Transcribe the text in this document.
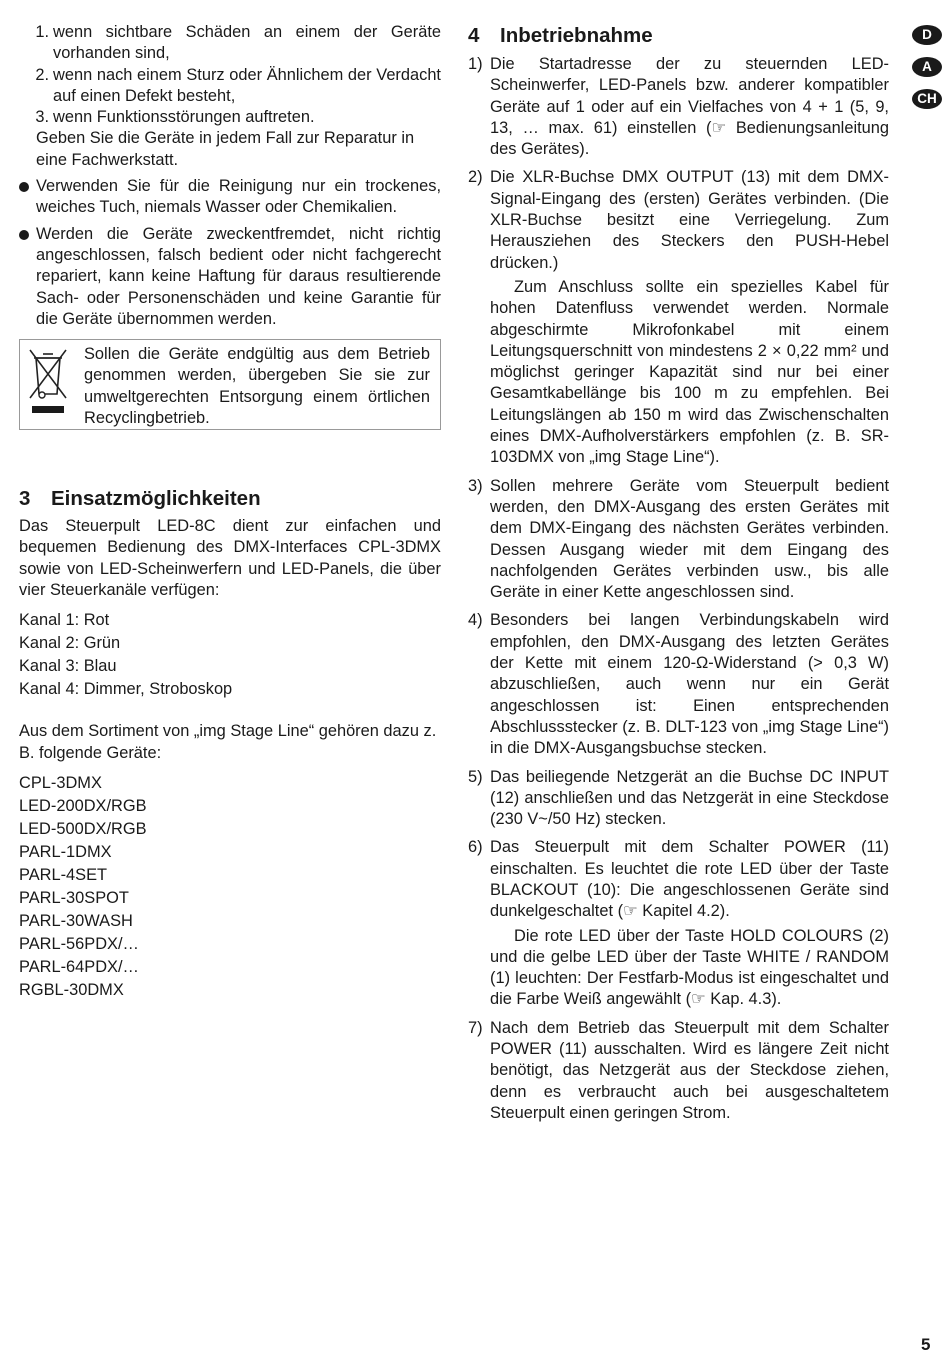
1. wenn sichtbare Schäden an einem der Geräte vorhanden sind,
2. wenn nach einem Sturz oder Ähnlichem der Verdacht auf einen Defekt besteht,
3. wenn Funktionsstörungen auftreten.

Geben Sie die Geräte in jedem Fall zur Reparatur in eine Fachwerkstatt.

Verwenden Sie für die Reinigung nur ein trockenes, weiches Tuch, niemals Wasser oder Chemikalien.
Werden die Geräte zweckentfremdet, nicht richtig angeschlossen, falsch bedient oder nicht fachgerecht repariert, kann keine Haftung für daraus resultierende Sach- oder Personenschäden und keine Garantie für die Geräte übernommen werden.
Sollen die Geräte endgültig aus dem Betrieb genommen werden, übergeben Sie sie zur umweltgerechten Entsorgung einem örtlichen Recyclingbetrieb.
3 Einsatzmöglichkeiten

Das Steuerpult LED-8C dient zur einfachen und bequemen Bedienung des DMX-Interfaces CPL-3DMX sowie von LED-Scheinwerfern und LED-Panels, die über vier Steuerkanäle verfügen:

Kanal 1: Rot

Kanal 2: Grün

Kanal 3: Blau

Kanal 4: Dimmer, Stroboskop

Aus dem Sortiment von „img Stage Line“ gehören dazu z. B. folgende Geräte:

CPL-3DMX

LED-200DX/RGB

LED-500DX/RGB

PARL-1DMX

PARL-4SET

PARL-30SPOT

PARL-30WASH

PARL-56PDX/…

PARL-64PDX/…

RGBL-30DMX

4 Inbetriebnahme
1) Die Startadresse der zu steuernden LED-Scheinwerfer, LED-Panels bzw. anderer kompatibler Geräte auf 1 oder auf ein Vielfaches von 4 + 1 (5, 9, 13, … max. 61) einstellen (☞ Bedienungsanleitung des Gerätes).

2) Die XLR-Buchse DMX OUTPUT (13) mit dem DMX-Signal-Eingang des (ersten) Gerätes verbinden. (Die XLR-Buchse besitzt eine Verriegelung. Zum Herausziehen des Steckers den PUSH-Hebel drücken.)

Zum Anschluss sollte ein spezielles Kabel für hohen Datenfluss verwendet werden. Normale abgeschirmte Mikrofonkabel mit einem Leitungsquerschnitt von mindestens 2 × 0,22 mm² und möglichst geringer Kapazität sind nur bei einer Gesamtkabellänge bis 100 m zu empfehlen. Bei Leitungslängen ab 150 m wird das Zwischenschalten eines DMX-Aufholverstärkers empfohlen (z. B. SR-103DMX von „img Stage Line“).

3) Sollen mehrere Geräte vom Steuerpult bedient werden, den DMX-Ausgang des ersten Gerätes mit dem DMX-Eingang des nächsten Gerätes verbinden. Dessen Ausgang wieder mit dem Eingang des nachfolgenden Gerätes verbinden usw., bis alle Geräte in einer Kette angeschlossen sind.

4) Besonders bei langen Verbindungskabeln wird empfohlen, den DMX-Ausgang des letzten Gerätes der Kette mit einem 120-Ω-Widerstand (> 0,3 W) abzuschließen, auch wenn nur ein Gerät angeschlossen ist: Einen entsprechenden Abschlussstecker (z. B. DLT-123 von „img Stage Line“) in die DMX-Ausgangsbuchse stecken.

5) Das beiliegende Netzgerät an die Buchse DC INPUT (12) anschließen und das Netzgerät in eine Steckdose (230 V~/50 Hz) stecken.

6) Das Steuerpult mit dem Schalter POWER (11) einschalten. Es leuchtet die rote LED über der Taste BLACKOUT (10): Die angeschlossenen Geräte sind dunkelgeschaltet (☞ Kapitel 4.2).

Die rote LED über der Taste HOLD COLOURS (2) und die gelbe LED über der Taste WHITE / RANDOM (1) leuchten: Der Festfarb-Modus ist eingeschaltet und die Farbe Weiß angewählt (☞ Kap. 4.3).

7) Nach dem Betrieb das Steuerpult mit dem Schalter POWER (11) ausschalten. Wird es längere Zeit nicht benötigt, das Netzgerät aus der Steckdose ziehen, denn es verbraucht auch bei ausgeschaltetem Steuerpult einen geringen Strom.

D
A
CH
5
